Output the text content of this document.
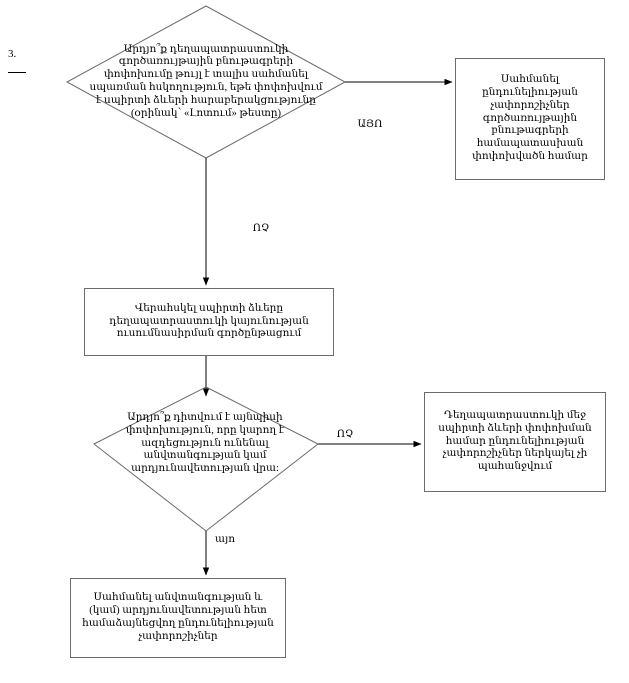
3.	Արդյո՞ք դեղապատրաստուկի գործառույթային բնութագրերի փոփոխումը թույլ է տալիս սահմանել սպառման հսկողություն, եթե փոփոխվում է սպիրտի ձևերի հարաբերակցությունը (օրինակ՝ «Լոտում» թեստը)
Սահմանել ընդունելիության չափորոշիչներ գործառույթային բնութագրերի համապատասխան փոփոխվածն համար
Վերահսկել սպիրտի ձևերը դեղապատրաստուկի կայունության ուսումնասիրման գործընթացում
Արդյո՞ք դիտվում է այնպիսի փոփոխություն, որը կարող է ազդեցություն ունենալ անվտանգության կամ արդյունավետության վրա:
Դեղապատրաստուկի մեջ սպիրտի ձևերի փոփոխման համար ընդունելիության չափորոշիչներ ներկայել չի պահանջվում
Սահմանել անվտանգության և (կամ) արդյունավետության հետ համաձայնեցվող ընդունելիության չափորոշիչներ
ԱՅՈ
ՈՉ
ՈՉ
այո
